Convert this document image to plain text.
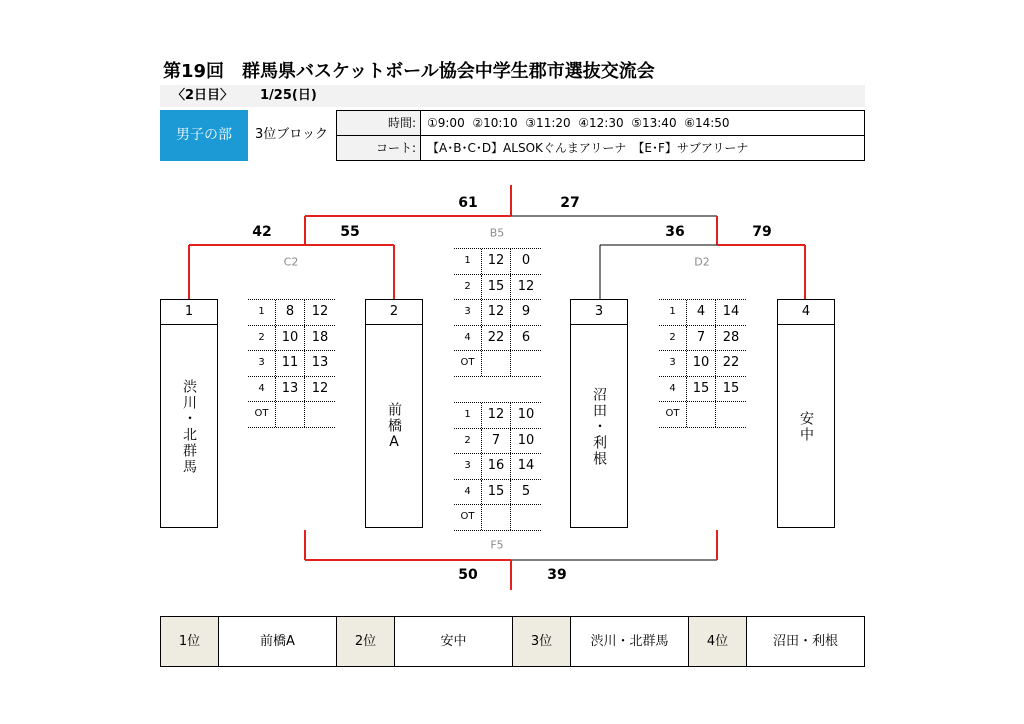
第19回　群馬県バスケットボール協会中学生郡市選抜交流会
〈2日目〉 1/25(日)
男子の部	3位ブロック
時間: ①9:00  ②10:10  ③11:20  ④12:30  ⑤13:40  ⑥14:50
コート: 【A･B･C･D】ALSOKぐんまアリーナ　【E･F】サブアリーナ
61	27
42	55	36	79
50	39
B5
C2	D2
F5
1
渋川・北群馬
2
前橋A
3
沼田・利根
4
安中
1	8	12
2	10	18
3	11	13
4	13	12
OT
1	4	14
2	7	28
3	10	22
4	15	15
OT
1	12	0
2	15	12
3	12	9
4	22	6
OT
1	12	10
2	7	10
3	16	14
4	15	5
OT
1位	前橋A	2位	安中	3位	渋川・北群馬	4位	沼田・利根
